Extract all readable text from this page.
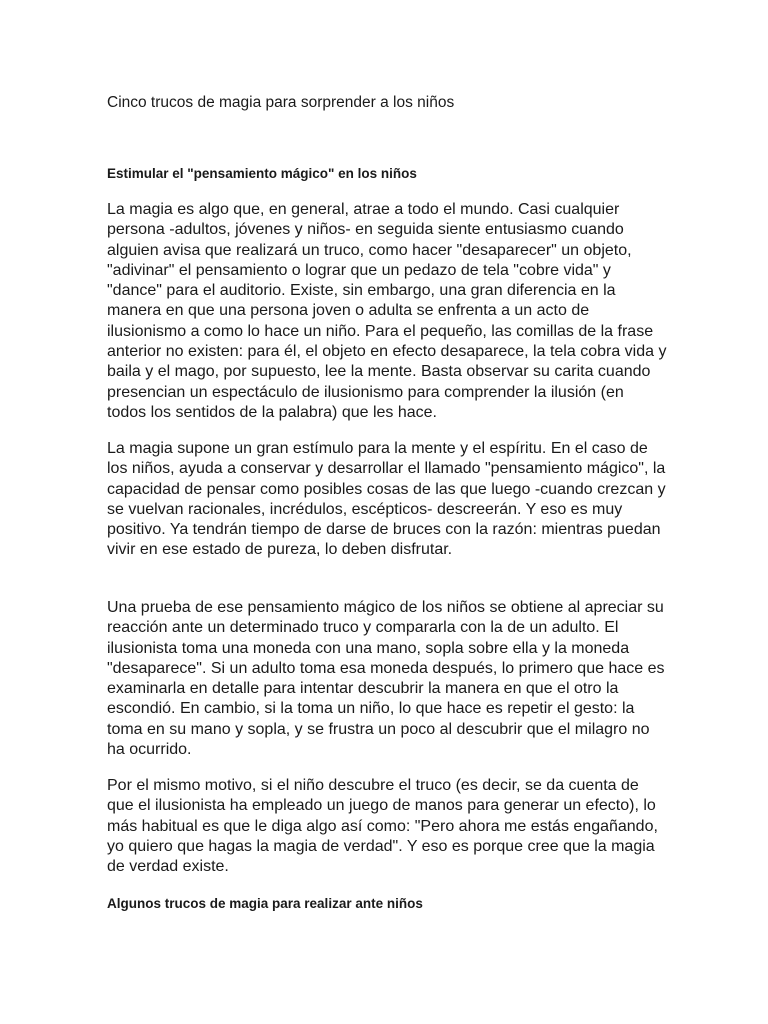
Cinco trucos de magia para sorprender a los niños
Estimular el "pensamiento mágico" en los niños

La magia es algo que, en general, atrae a todo el mundo. Casi cualquier persona -adultos, jóvenes y niños- en seguida siente entusiasmo cuando alguien avisa que realizará un truco, como hacer "desaparecer" un objeto, "adivinar" el pensamiento o lograr que un pedazo de tela "cobre vida" y "dance" para el auditorio. Existe, sin embargo, una gran diferencia en la manera en que una persona joven o adulta se enfrenta a un acto de ilusionismo a como lo hace un niño. Para el pequeño, las comillas de la frase anterior no existen: para él, el objeto en efecto desaparece, la tela cobra vida y baila y el mago, por supuesto, lee la mente. Basta observar su carita cuando presencian un espectáculo de ilusionismo para comprender la ilusión (en todos los sentidos de la palabra) que les hace.

La magia supone un gran estímulo para la mente y el espíritu. En el caso de los niños, ayuda a conservar y desarrollar el llamado "pensamiento mágico", la capacidad de pensar como posibles cosas de las que luego -cuando crezcan y se vuelvan racionales, incrédulos, escépticos- descreerán. Y eso es muy positivo. Ya tendrán tiempo de darse de bruces con la razón: mientras puedan vivir en ese estado de pureza, lo deben disfrutar.

Una prueba de ese pensamiento mágico de los niños se obtiene al apreciar su reacción ante un determinado truco y compararla con la de un adulto. El ilusionista toma una moneda con una mano, sopla sobre ella y la moneda "desaparece". Si un adulto toma esa moneda después, lo primero que hace es examinarla en detalle para intentar descubrir la manera en que el otro la escondió. En cambio, si la toma un niño, lo que hace es repetir el gesto: la toma en su mano y sopla, y se frustra un poco al descubrir que el milagro no ha ocurrido.

Por el mismo motivo, si el niño descubre el truco (es decir, se da cuenta de que el ilusionista ha empleado un juego de manos para generar un efecto), lo más habitual es que le diga algo así como: "Pero ahora me estás engañando, yo quiero que hagas la magia de verdad". Y eso es porque cree que la magia de verdad existe.

Algunos trucos de magia para realizar ante niños
